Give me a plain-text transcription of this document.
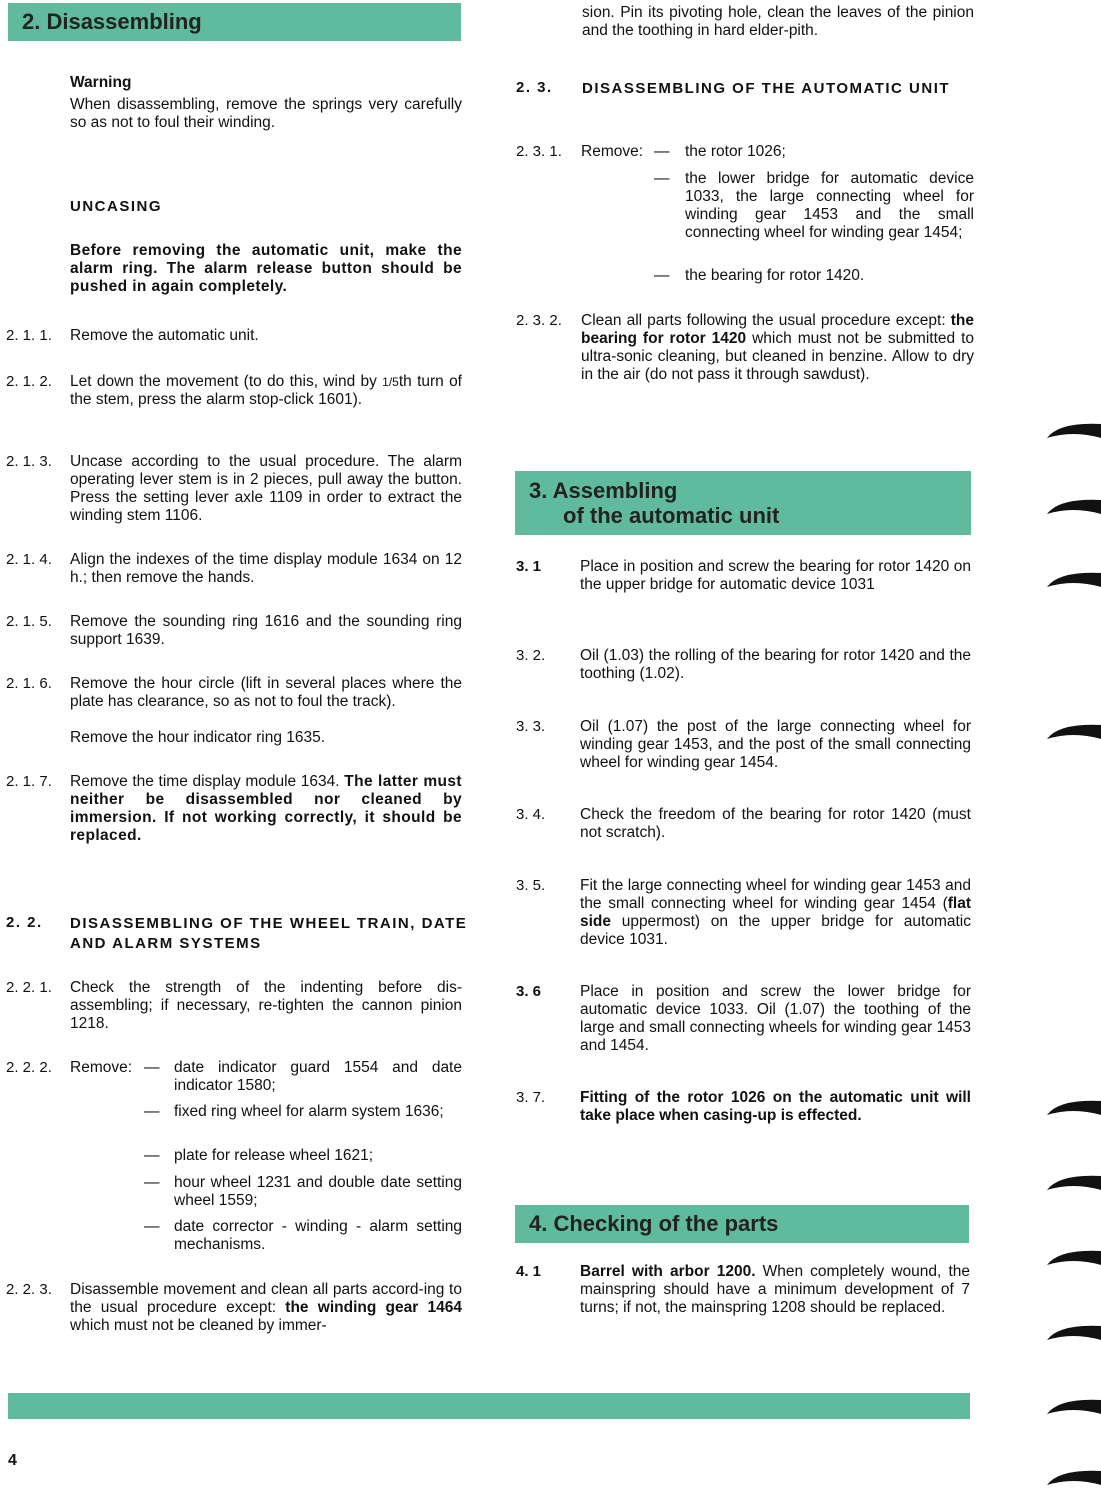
2. Disassembling
Warning
When disassembling, remove the springs very carefully so as not to foul their winding.
UNCASING
Before removing the automatic unit, make the alarm ring. The alarm release button should be pushed in again completely.
2. 1. 1. Remove the automatic unit.
2. 1. 2. Let down the movement (to do this, wind by 1/5th turn of the stem, press the alarm stop-click 1601).
2. 1. 3. Uncase according to the usual procedure. The alarm operating lever stem is in 2 pieces, pull away the button. Press the setting lever axle 1109 in order to extract the winding stem 1106.
2. 1. 4. Align the indexes of the time display module 1634 on 12 h.; then remove the hands.
2. 1. 5. Remove the sounding ring 1616 and the sounding ring support 1639.
2. 1. 6. Remove the hour circle (lift in several places where the plate has clearance, so as not to foul the track).
Remove the hour indicator ring 1635.
2. 1. 7. Remove the time display module 1634. The latter must neither be disassembled nor cleaned by immersion. If not working correctly, it should be replaced.
2. 2. DISASSEMBLING OF THE WHEEL TRAIN, DATE AND ALARM SYSTEMS
2. 2. 1. Check the strength of the indenting before dis-assembling; if necessary, re-tighten the cannon pinion 1218.
2. 2. 2. Remove: — date indicator guard 1554 and date indicator 1580;
— fixed ring wheel for alarm system 1636;
— plate for release wheel 1621;
— hour wheel 1231 and double date setting wheel 1559;
— date corrector - winding - alarm setting mechanisms.
2. 2. 3. Disassemble movement and clean all parts accord-ing to the usual procedure except: the winding gear 1464 which must not be cleaned by immer-
sion. Pin its pivoting hole, clean the leaves of the pinion and the toothing in hard elder-pith.
2. 3. DISASSEMBLING OF THE AUTOMATIC UNIT
2. 3. 1. Remove: — the rotor 1026;
— the lower bridge for automatic device 1033, the large connecting wheel for winding gear 1453 and the small connecting wheel for winding gear 1454;
— the bearing for rotor 1420.
2. 3. 2. Clean all parts following the usual procedure except: the bearing for rotor 1420 which must not be submitted to ultra-sonic cleaning, but cleaned in benzine. Allow to dry in the air (do not pass it through sawdust).
3. Assembling
of the automatic unit
3. 1	Place in position and screw the bearing for rotor 1420 on the upper bridge for automatic device 1031
3. 2. Oil (1.03) the rolling of the bearing for rotor 1420 and the toothing (1.02).
3. 3. Oil (1.07) the post of the large connecting wheel for winding gear 1453, and the post of the small connecting wheel for winding gear 1454.
3. 4. Check the freedom of the bearing for rotor 1420 (must not scratch).
3. 5. Fit the large connecting wheel for winding gear 1453 and the small connecting wheel for winding gear 1454 (flat side uppermost) on the upper bridge for automatic device 1031.
3. 6	Place in position and screw the lower bridge for automatic device 1033. Oil (1.07) the toothing of the large and small connecting wheels for winding gear 1453 and 1454.
3. 7. Fitting of the rotor 1026 on the automatic unit will take place when casing-up is effected.
4. Checking of the parts
4. 1	Barrel with arbor 1200. When completely wound, the mainspring should have a minimum development of 7 turns; if not, the mainspring 1208 should be replaced.
4
